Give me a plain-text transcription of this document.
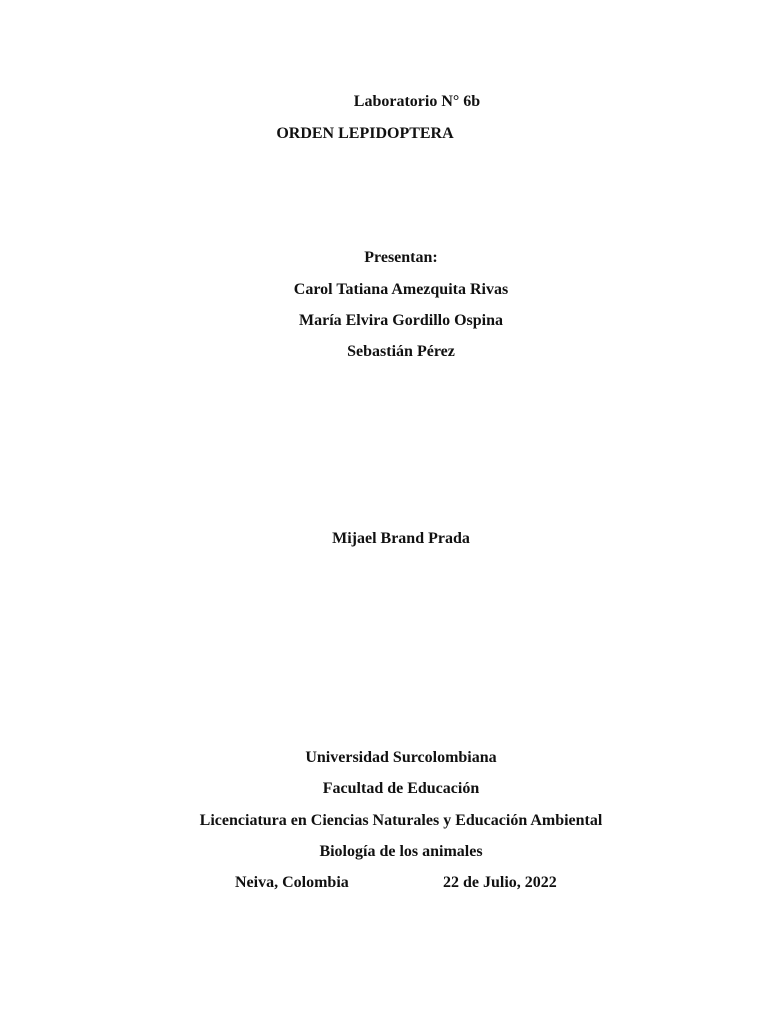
Laboratorio N° 6b
ORDEN LEPIDOPTERA
Presentan:
Carol Tatiana Amezquita Rivas
María Elvira Gordillo Ospina
Sebastián Pérez
Mijael Brand Prada
Universidad Surcolombiana
Facultad de Educación
Licenciatura en Ciencias Naturales y Educación Ambiental
Biología de los animales
Neiva, Colombia	22 de Julio, 2022
